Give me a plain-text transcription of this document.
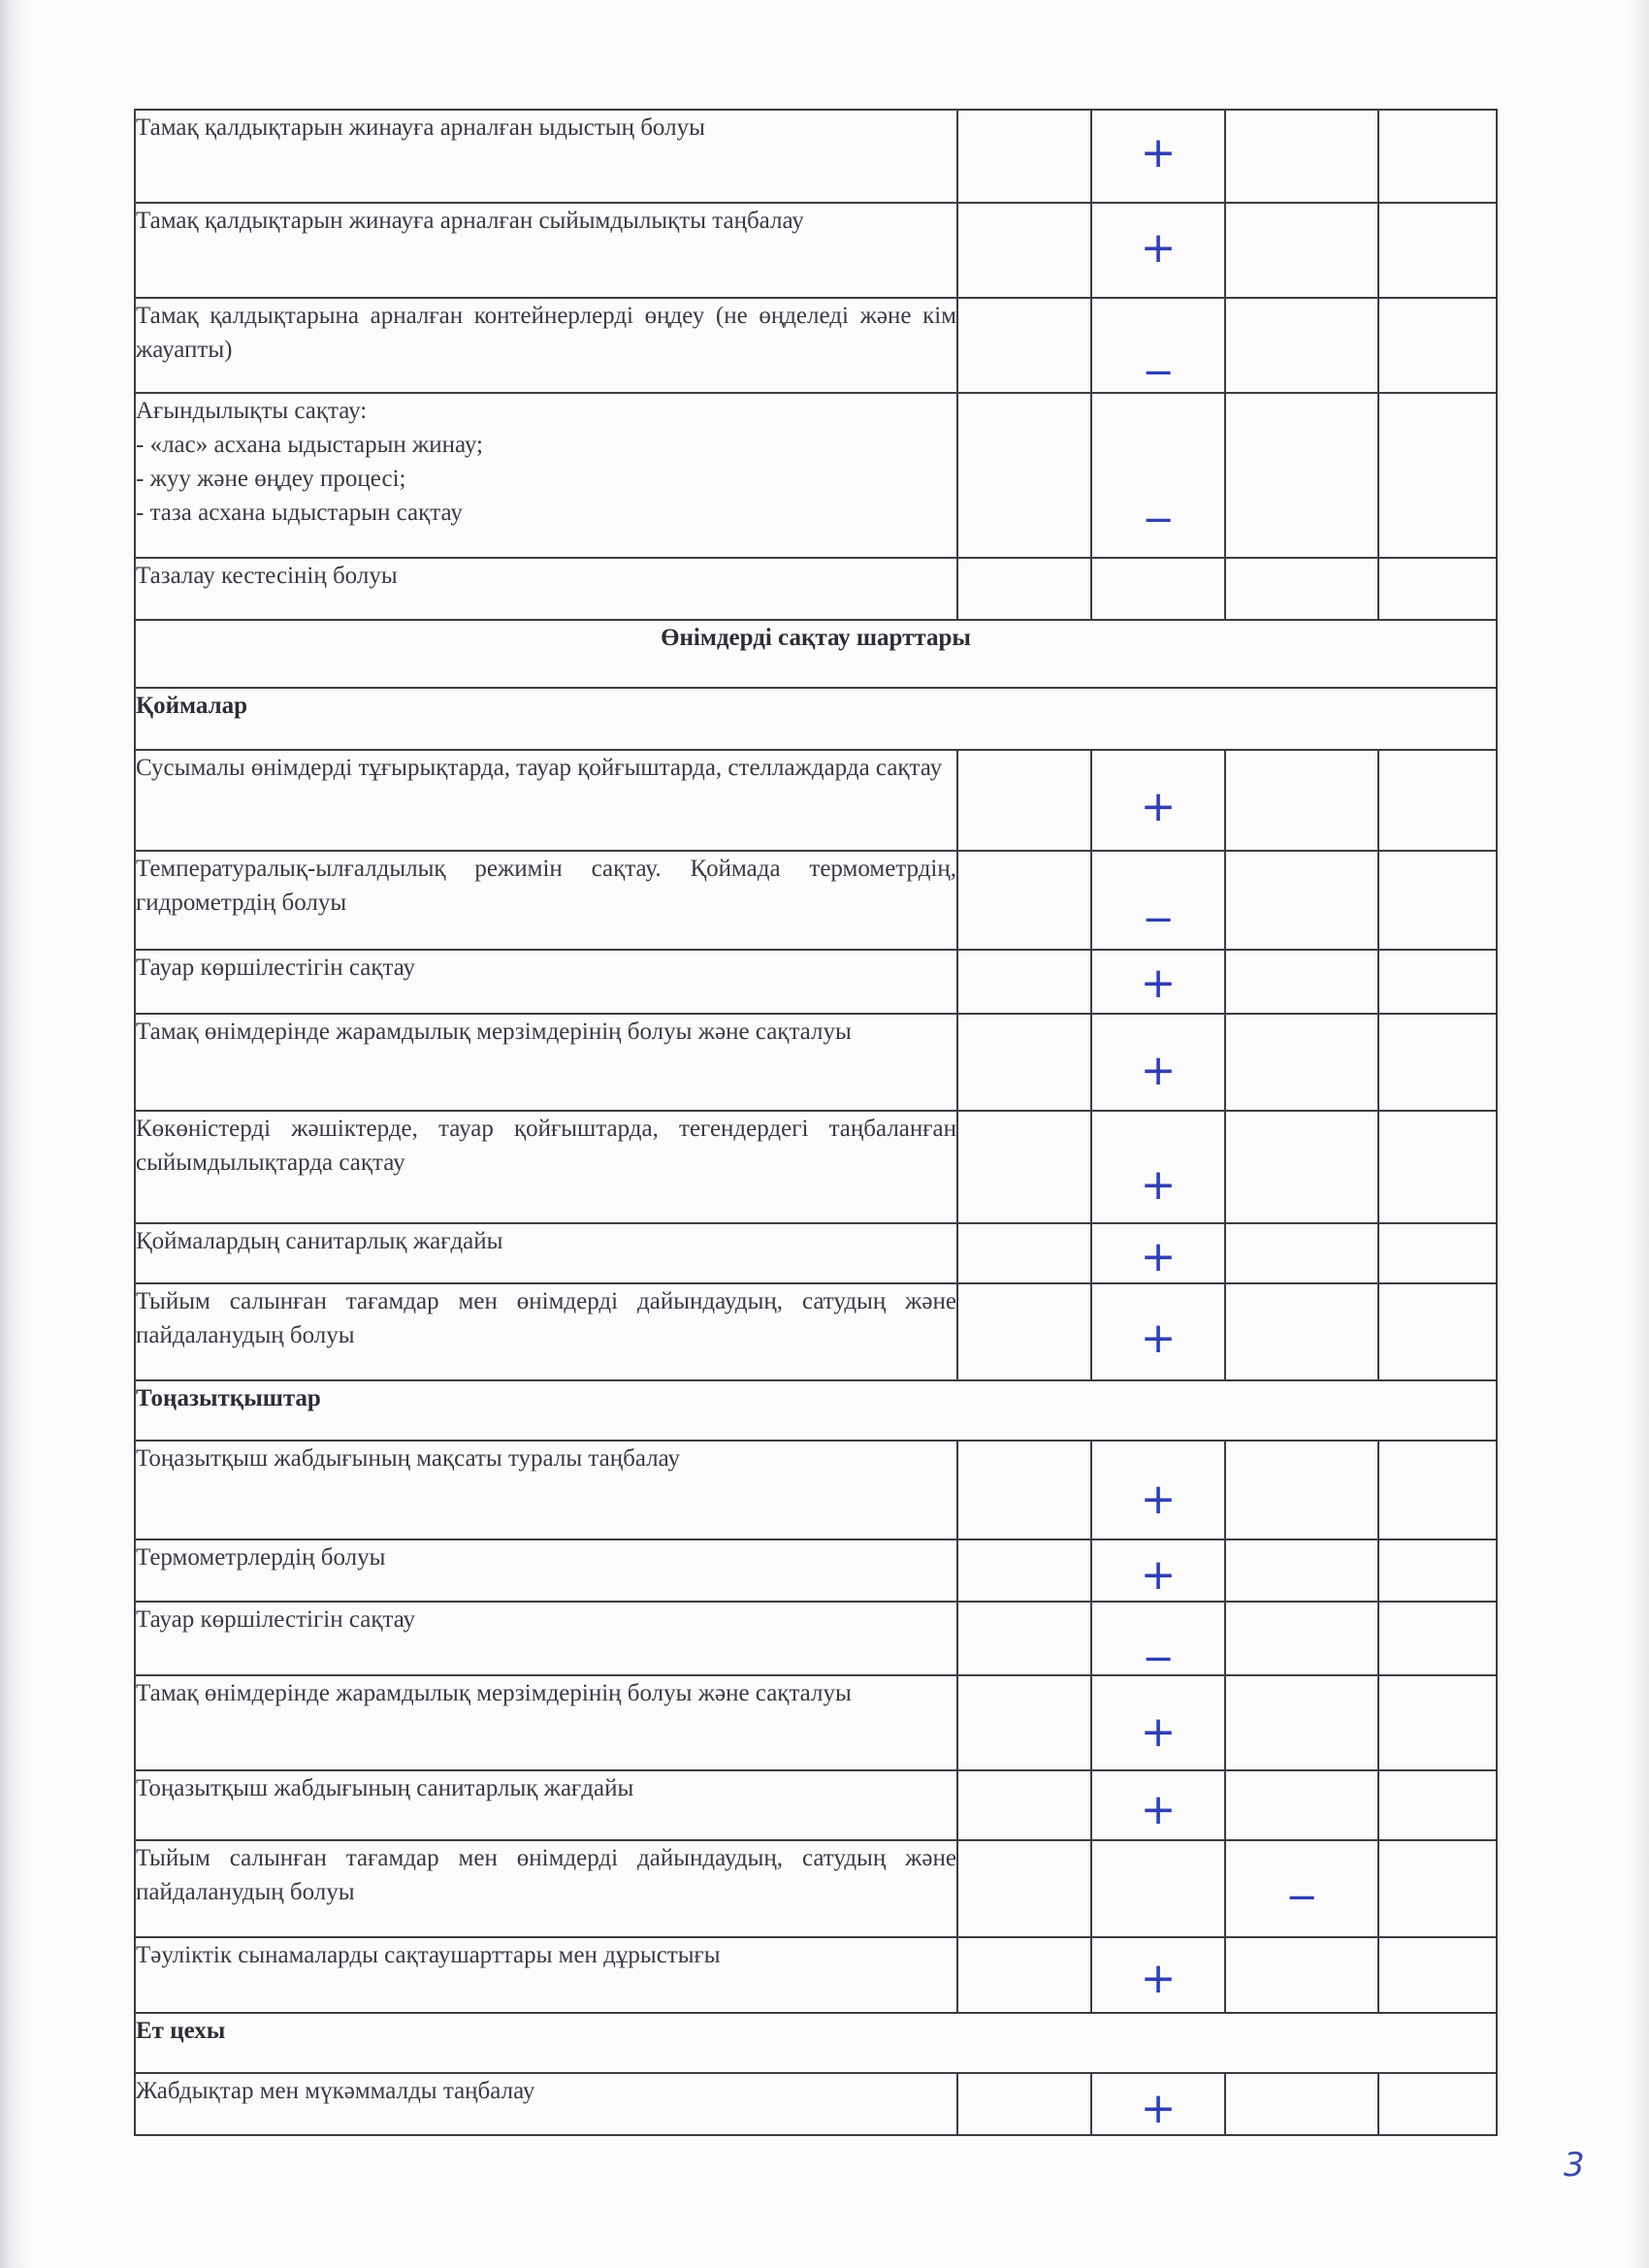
Тамақ қалдықтарын жинауға арналған ыдыстың болуы		+		

Тамақ қалдықтарын жинауға арналған сыйымдылықты таңбалау		+		

Тамақ қалдықтарына арналған контейнерлерді өңдеу (не өңделеді және кім жауапты)		−		

Ағындылықты сақтау:
- «лас» асхана ыдыстарын жинау;
- жуу және өңдеу процесі;
- таза асхана ыдыстарын сақтау		−		

Тазалау кестесінің болуы				
Өнімдерді сақтау шарттары				
Қоймалар				
Сусымалы өнімдерді тұғырықтарда, тауар қойғыштарда, стеллаждарда сақтау		+		

Температуралық-ылғалдылық режимін сақтау. Қоймада термометрдің, гидрометрдің болуы		−		

Тауар көршілестігін сақтау		+		

Тамақ өнімдерінде жарамдылық мерзімдерінің болуы және сақталуы		+		

Көкөністерді жәшіктерде, тауар қойғыштарда, тегендердегі таңбаланған сыйымдылықтарда сақтау		+		

Қоймалардың санитарлық жағдайы		+		

Тыйым салынған тағамдар мен өнімдерді дайындаудың, сатудың және пайдаланудың болуы		+		

Тоңазытқыштар				
Тоңазытқыш жабдығының мақсаты туралы таңбалау		+		

Термометрлердің болуы		+		

Тауар көршілестігін сақтау		−		

Тамақ өнімдерінде жарамдылық мерзімдерінің болуы және сақталуы		+		

Тоңазытқыш жабдығының санитарлық жағдайы		+		

Тыйым салынған тағамдар мен өнімдерді дайындаудың, сатудың және пайдаланудың болуы			−	

Тәуліктік сынамаларды сақтаушарттары мен дұрыстығы		+		

Ет цехы				
Жабдықтар мен мүкәммалды таңбалау		+		

3
